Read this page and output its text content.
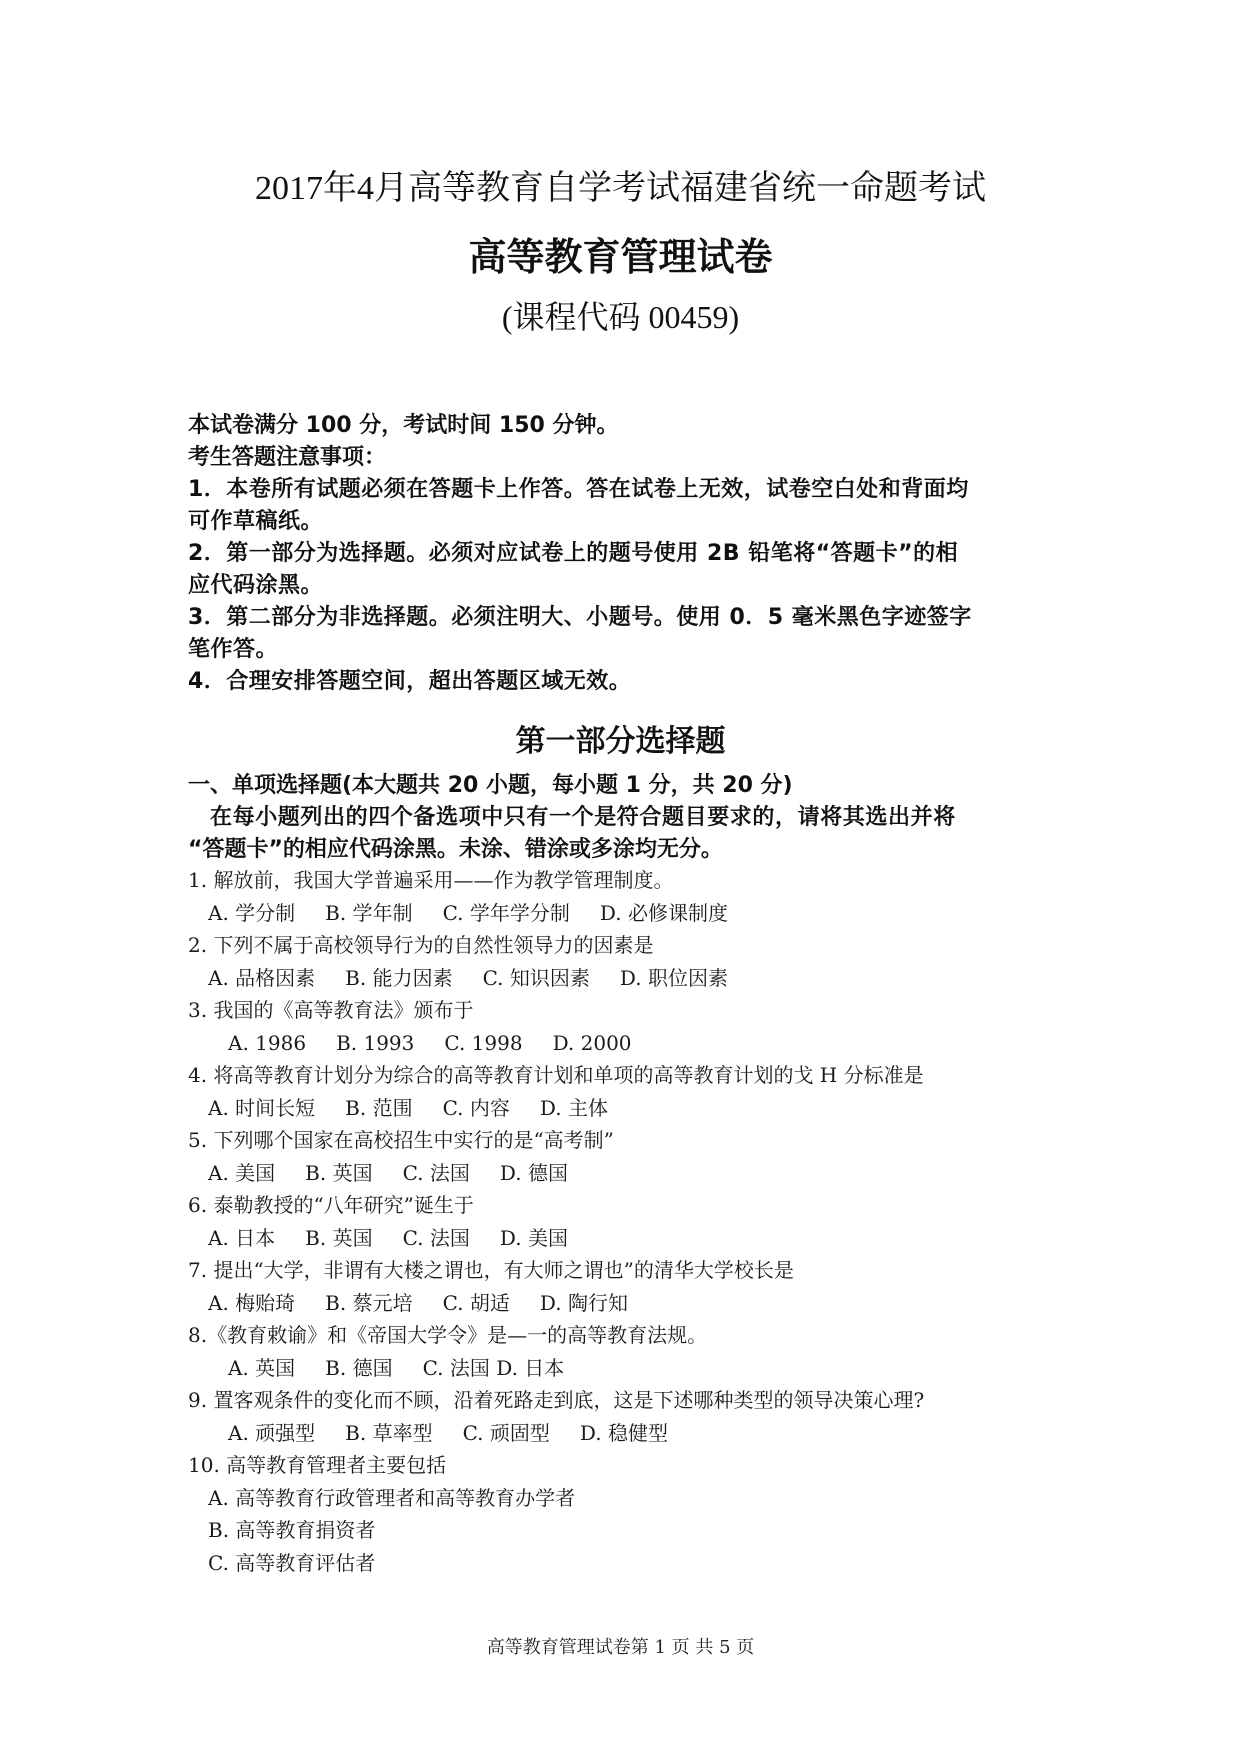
2017年4月高等教育自学考试福建省统一命题考试
高等教育管理试卷
(课程代码 00459)
本试卷满分 100 分，考试时间 150 分钟。
考生答题注意事项：
1．本卷所有试题必须在答题卡上作答。答在试卷上无效，试卷空白处和背面均
可作草稿纸。
2．第一部分为选择题。必须对应试卷上的题号使用 2B 铅笔将“答题卡”的相
应代码涂黑。
3．第二部分为非选择题。必须注明大、小题号。使用 0．5 毫米黑色字迹签字
笔作答。
4．合理安排答题空间，超出答题区域无效。
第一部分选择题
一、单项选择题(本大题共 20 小题，每小题 1 分，共 20 分)
在每小题列出的四个备选项中只有一个是符合题目要求的，请将其选出并将
“答题卡”的相应代码涂黑。未涂、错涂或多涂均无分。
1. 解放前，我国大学普遍采用——作为教学管理制度。
A. 学分制 B. 学年制 C. 学年学分制 D. 必修课制度
2. 下列不属于高校领导行为的自然性领导力的因素是
A. 品格因素 B. 能力因素 C. 知识因素 D. 职位因素
3. 我国的《高等教育法》颁布于
A. 1986 B. 1993 C. 1998 D. 2000
4. 将高等教育计划分为综合的高等教育计划和单项的高等教育计划的戈 H 分标准是
A. 时间长短 B. 范围 C. 内容 D. 主体
5. 下列哪个国家在高校招生中实行的是“高考制”
A. 美国 B. 英国 C. 法国 D. 德国
6. 泰勒教授的“八年研究”诞生于
A. 日本 B. 英国 C. 法国 D. 美国
7. 提出“大学，非谓有大楼之谓也，有大师之谓也”的清华大学校长是
A. 梅贻琦 B. 蔡元培 C. 胡适 D. 陶行知
8.《教育敕谕》和《帝国大学令》是—一的高等教育法规。
A. 英国 B. 德国 C. 法国 D. 日本
9. 置客观条件的变化而不顾，沿着死路走到底，这是下述哪种类型的领导决策心理?
A. 顽强型 B. 草率型 C. 顽固型 D. 稳健型
10. 高等教育管理者主要包括
A. 高等教育行政管理者和高等教育办学者
B. 高等教育捐资者
C. 高等教育评估者
高等教育管理试卷第 1 页 共 5 页
